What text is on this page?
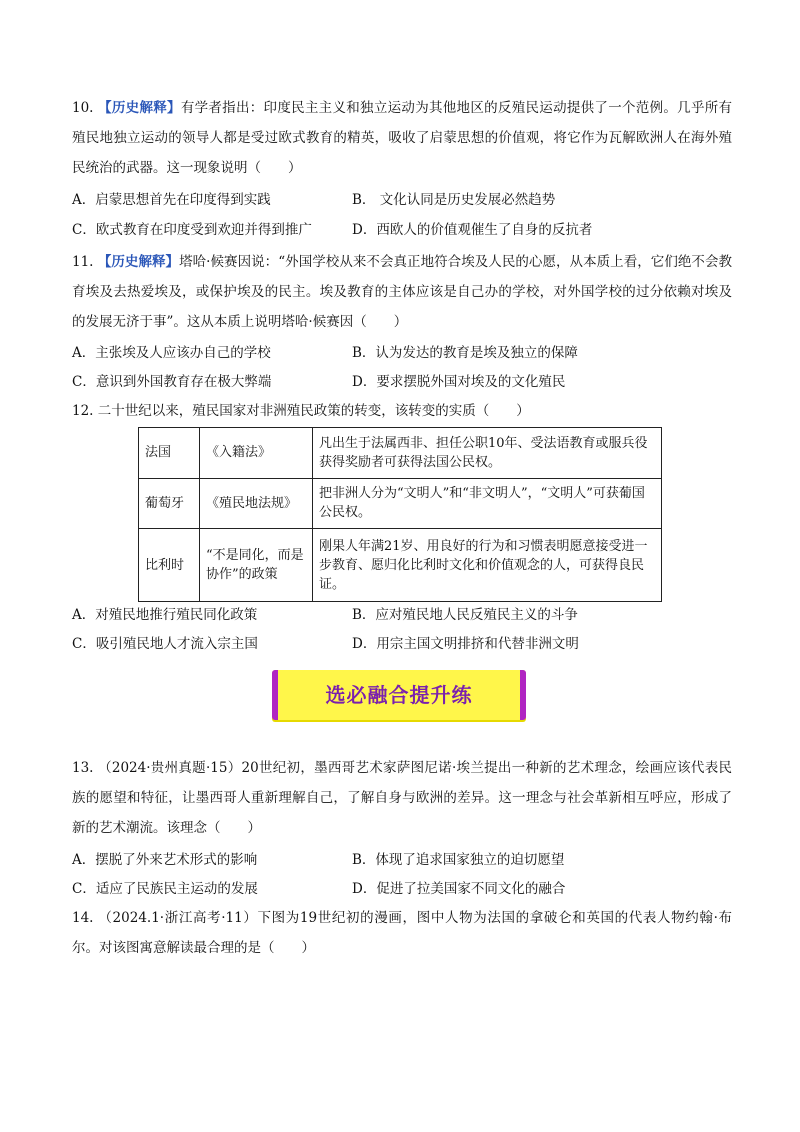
10. 【历史解释】有学者指出：印度民主主义和独立运动为其他地区的反殖民运动提供了一个范例。几乎所有殖民地独立运动的领导人都是受过欧式教育的精英，吸收了启蒙思想的价值观，将它作为瓦解欧洲人在海外殖民统治的武器。这一现象说明（　　）

A．启蒙思想首先在印度得到实践	B． 文化认同是历史发展必然趋势
C．欧式教育在印度受到欢迎并得到推广	D．西欧人的价值观催生了自身的反抗者

11. 【历史解释】塔哈·候赛因说：“外国学校从来不会真正地符合埃及人民的心愿，从本质上看，它们绝不会教育埃及去热爱埃及，或保护埃及的民主。埃及教育的主体应该是自己办的学校，对外国学校的过分依赖对埃及的发展无济于事”。这从本质上说明塔哈·候赛因（　　）

A．主张埃及人应该办自己的学校	B．认为发达的教育是埃及独立的保障
C．意识到外国教育存在极大弊端	D．要求摆脱外国对埃及的文化殖民

12. 二十世纪以来，殖民国家对非洲殖民政策的转变，该转变的实质（　　）

法国	《入籍法》	凡出生于法属西非、担任公职10年、受法语教育或服兵役获得奖励者可获得法国公民权。
葡萄牙	《殖民地法规》	把非洲人分为“文明人”和“非文明人”，“文明人”可获葡国公民权。
比利时	“不是同化，而是协作”的政策	刚果人年满21岁、用良好的行为和习惯表明愿意接受进一步教育、愿归化比利时文化和价值观念的人，可获得良民证。
A．对殖民地推行殖民同化政策	B．应对殖民地人民反殖民主义的斗争
C．吸引殖民地人才流入宗主国	D．用宗主国文明排挤和代替非洲文明
选必融合提升练

13. （2024·贵州真题·15）20世纪初，墨西哥艺术家萨图尼诺·埃兰提出一种新的艺术理念，绘画应该代表民族的愿望和特征，让墨西哥人重新理解自己，了解自身与欧洲的差异。这一理念与社会革新相互呼应，形成了新的艺术潮流。该理念（　　）

A．摆脱了外来艺术形式的影响	B．体现了追求国家独立的迫切愿望
C．适应了民族民主运动的发展	D．促进了拉美国家不同文化的融合

14. （2024.1·浙江高考·11）下图为19世纪初的漫画，图中人物为法国的拿破仑和英国的代表人物约翰·布尔。对该图寓意解读最合理的是（　　）
